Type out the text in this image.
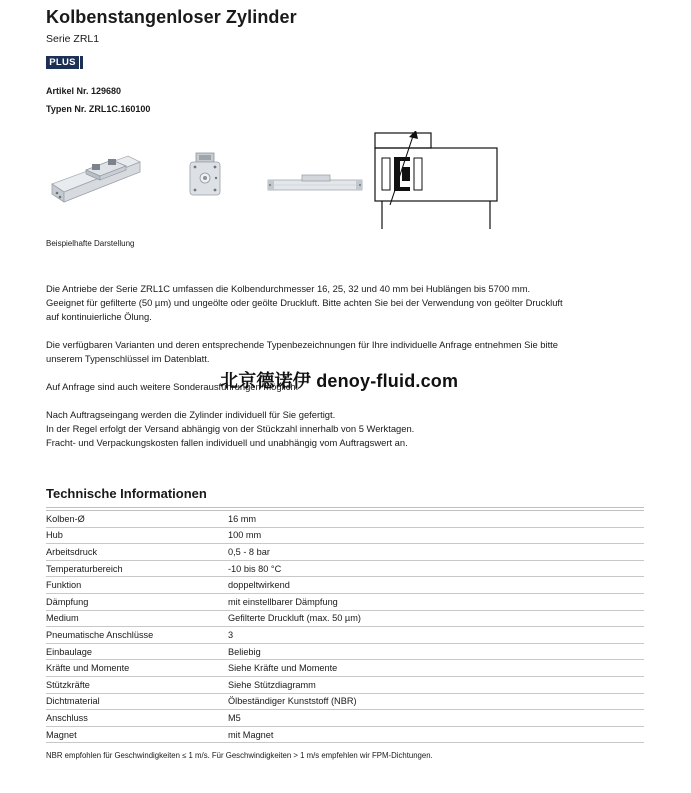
Kolbenstangenloser Zylinder
Serie ZRL1
PLUS
Artikel Nr. 129680
Typen Nr. ZRL1C.160100
Beispielhafte Darstellung
Die Antriebe der Serie ZRL1C umfassen die Kolbendurchmesser 16, 25, 32 und 40 mm bei Hublängen bis 5700 mm.
Geeignet für gefilterte (50 µm) und ungeölte oder geölte Druckluft. Bitte achten Sie bei der Verwendung von geölter Druckluft
auf kontinuierliche Ölung.
Die verfügbaren Varianten und deren entsprechende Typenbezeichnungen für Ihre individuelle Anfrage entnehmen Sie bitte
unserem Typenschlüssel im Datenblatt.
Auf Anfrage sind auch weitere Sonderausführungen möglich.
Nach Auftragseingang werden die Zylinder individuell für Sie gefertigt.
In der Regel erfolgt der Versand abhängig von der Stückzahl innerhalb von 5 Werktagen.
Fracht- und Verpackungskosten fallen individuell und unabhängig vom Auftragswert an.
北京德诺伊 denoy-fluid.com
Technische Informationen
Kolben-Ø	16 mm
Hub	100 mm
Arbeitsdruck	0,5 - 8 bar
Temperaturbereich	-10 bis 80 °C
Funktion	doppeltwirkend
Dämpfung	mit einstellbarer Dämpfung
Medium	Gefilterte Druckluft (max. 50 µm)
Pneumatische Anschlüsse	3
Einbaulage	Beliebig
Kräfte und Momente	Siehe Kräfte und Momente
Stützkräfte	Siehe Stützdiagramm
Dichtmaterial	Ölbeständiger Kunststoff (NBR)
Anschluss	M5
Magnet	mit Magnet
NBR empfohlen für Geschwindigkeiten ≤ 1 m/s. Für Geschwindigkeiten > 1 m/s empfehlen wir FPM-Dichtungen.
